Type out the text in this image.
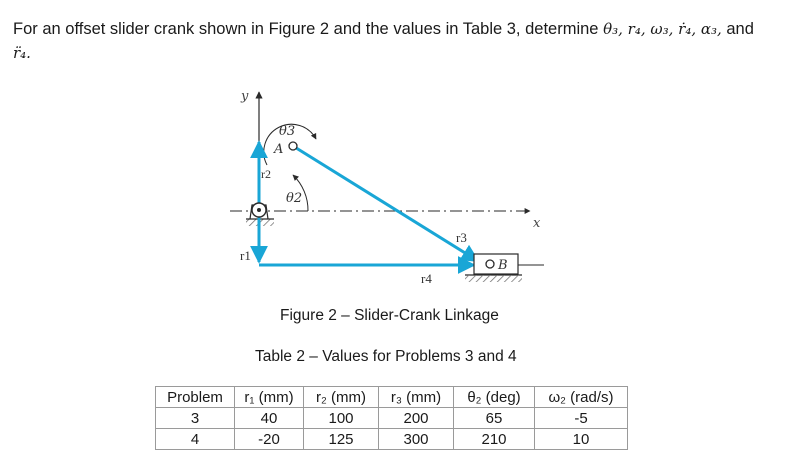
For an offset slider crank shown in Figure 2 and the values in Table 3, determine θ₃, r₄, ω₃, ṙ₄, α₃, and
r̈₄.
y
x
θ3
θ2
r2
r3
r1
r4
A
B
Figure 2 – Slider-Crank Linkage
Table 2 – Values for Problems 3 and 4
Problem	r₁ (mm)	r₂ (mm)	r₃ (mm)	θ₂ (deg)	ω₂ (rad/s)
3	40	100	200	65	-5
4	-20	125	300	210	10
